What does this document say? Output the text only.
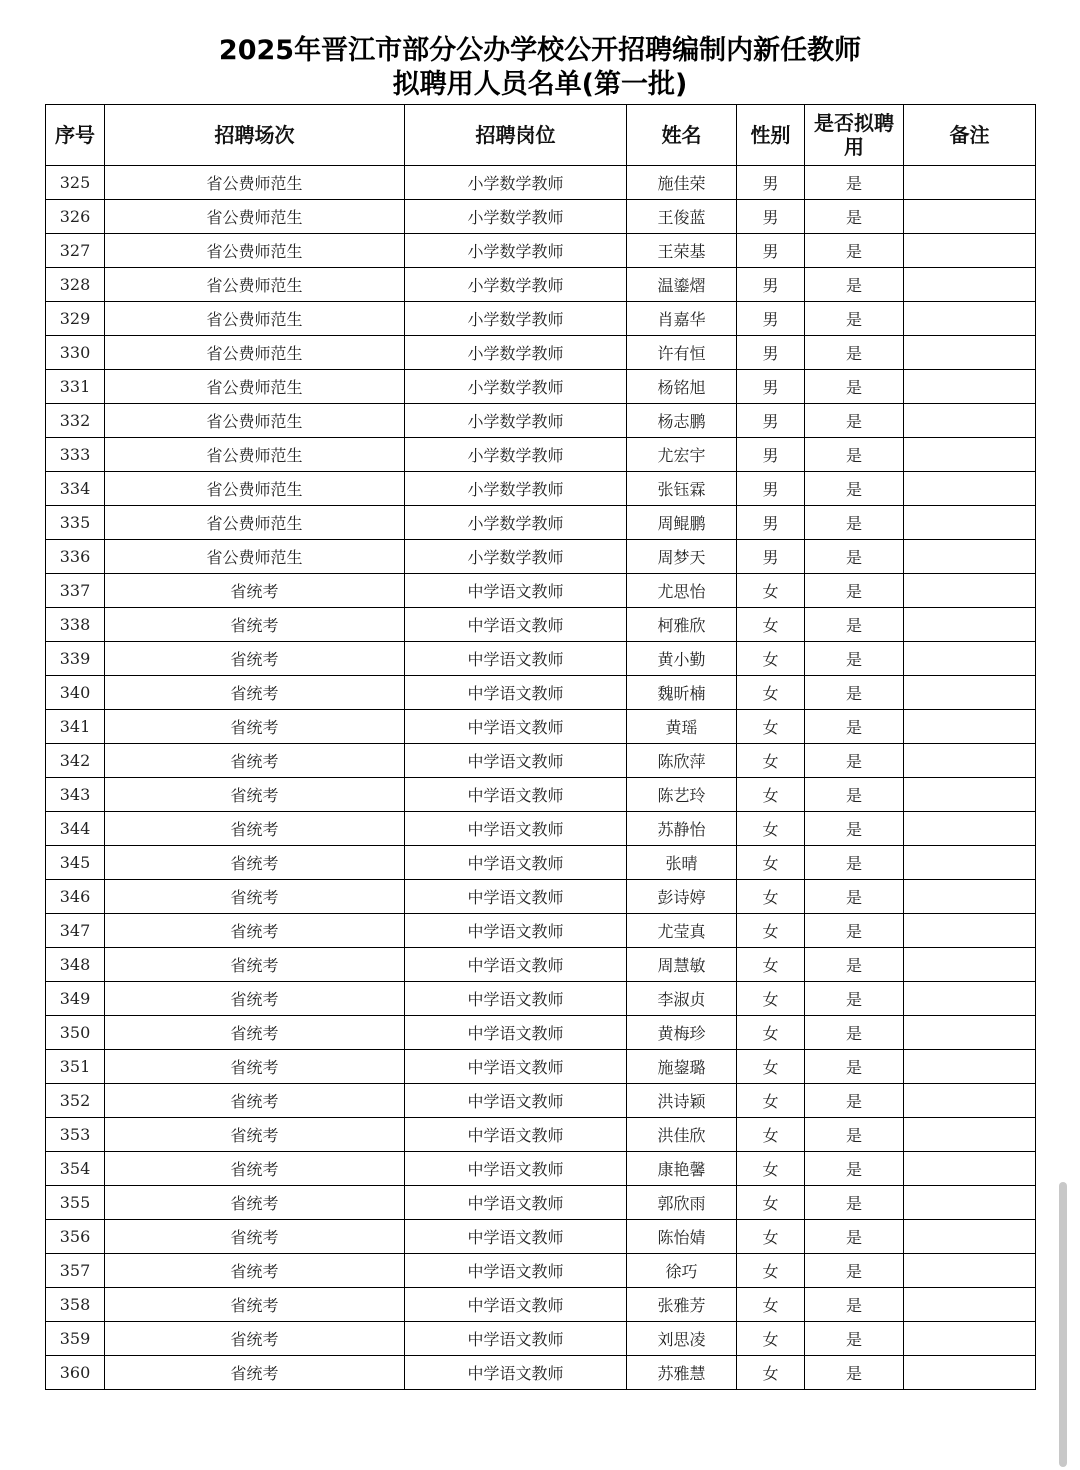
2025年晋江市部分公办学校公开招聘编制内新任教师
拟聘用人员名单(第一批)
序号	招聘场次	招聘岗位	姓名	性别	是否拟聘用	备注
325	省公费师范生	小学数学教师	施佳荣	男	是	
326	省公费师范生	小学数学教师	王俊蓝	男	是	
327	省公费师范生	小学数学教师	王荣基	男	是	
328	省公费师范生	小学数学教师	温鎏熠	男	是	
329	省公费师范生	小学数学教师	肖嘉华	男	是	
330	省公费师范生	小学数学教师	许有恒	男	是	
331	省公费师范生	小学数学教师	杨铭旭	男	是	
332	省公费师范生	小学数学教师	杨志鹏	男	是	
333	省公费师范生	小学数学教师	尤宏宇	男	是	
334	省公费师范生	小学数学教师	张钰霖	男	是	
335	省公费师范生	小学数学教师	周鲲鹏	男	是	
336	省公费师范生	小学数学教师	周梦天	男	是	
337	省统考	中学语文教师	尤思怡	女	是	
338	省统考	中学语文教师	柯雅欣	女	是	
339	省统考	中学语文教师	黄小勤	女	是	
340	省统考	中学语文教师	魏昕楠	女	是	
341	省统考	中学语文教师	黄瑶	女	是	
342	省统考	中学语文教师	陈欣萍	女	是	
343	省统考	中学语文教师	陈艺玲	女	是	
344	省统考	中学语文教师	苏静怡	女	是	
345	省统考	中学语文教师	张晴	女	是	
346	省统考	中学语文教师	彭诗婷	女	是	
347	省统考	中学语文教师	尤莹真	女	是	
348	省统考	中学语文教师	周慧敏	女	是	
349	省统考	中学语文教师	李淑贞	女	是	
350	省统考	中学语文教师	黄梅珍	女	是	
351	省统考	中学语文教师	施鋆璐	女	是	
352	省统考	中学语文教师	洪诗颖	女	是	
353	省统考	中学语文教师	洪佳欣	女	是	
354	省统考	中学语文教师	康艳馨	女	是	
355	省统考	中学语文教师	郭欣雨	女	是	
356	省统考	中学语文教师	陈怡婧	女	是	
357	省统考	中学语文教师	徐巧	女	是	
358	省统考	中学语文教师	张雅芳	女	是	
359	省统考	中学语文教师	刘思凌	女	是	
360	省统考	中学语文教师	苏雅慧	女	是	
